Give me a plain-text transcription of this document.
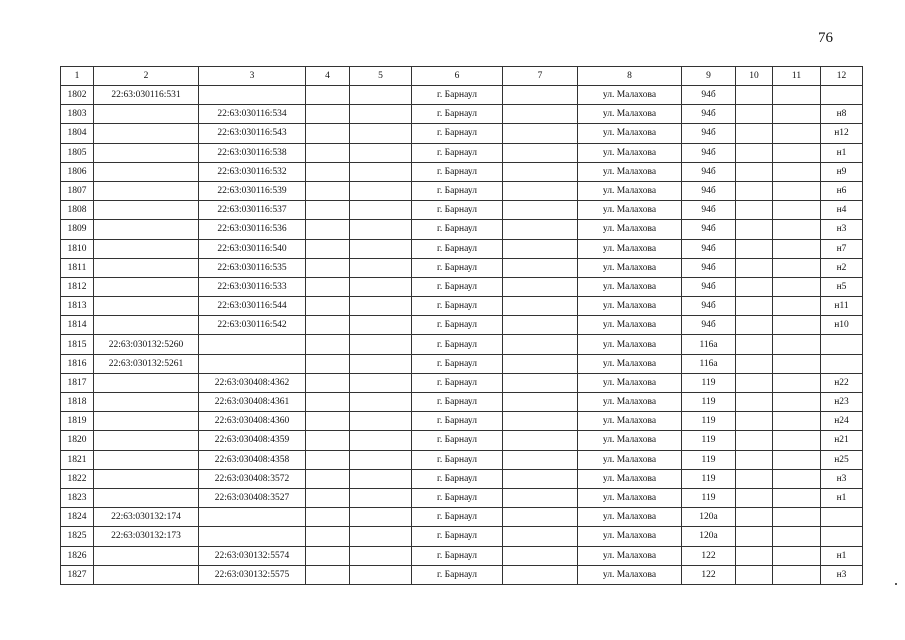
76
1	2	3	4	5	6	7	8	9	10	11	12
1802	22:63:030116:531				г. Барнаул		ул. Малахова	94б			
1803		22:63:030116:534			г. Барнаул		ул. Малахова	94б			н8
1804		22:63:030116:543			г. Барнаул		ул. Малахова	94б			н12
1805		22:63:030116:538			г. Барнаул		ул. Малахова	94б			н1
1806		22:63:030116:532			г. Барнаул		ул. Малахова	94б			н9
1807		22:63:030116:539			г. Барнаул		ул. Малахова	94б			н6
1808		22:63:030116:537			г. Барнаул		ул. Малахова	94б			н4
1809		22:63:030116:536			г. Барнаул		ул. Малахова	94б			н3
1810		22:63:030116:540			г. Барнаул		ул. Малахова	94б			н7
1811		22:63:030116:535			г. Барнаул		ул. Малахова	94б			н2
1812		22:63:030116:533			г. Барнаул		ул. Малахова	94б			н5
1813		22:63:030116:544			г. Барнаул		ул. Малахова	94б			н11
1814		22:63:030116:542			г. Барнаул		ул. Малахова	94б			н10
1815	22:63:030132:5260				г. Барнаул		ул. Малахова	116а			
1816	22:63:030132:5261				г. Барнаул		ул. Малахова	116а			
1817		22:63:030408:4362			г. Барнаул		ул. Малахова	119			н22
1818		22:63:030408:4361			г. Барнаул		ул. Малахова	119			н23
1819		22:63:030408:4360			г. Барнаул		ул. Малахова	119			н24
1820		22:63:030408:4359			г. Барнаул		ул. Малахова	119			н21
1821		22:63:030408:4358			г. Барнаул		ул. Малахова	119			н25
1822		22:63:030408:3572			г. Барнаул		ул. Малахова	119			н3
1823		22:63:030408:3527			г. Барнаул		ул. Малахова	119			н1
1824	22:63:030132:174				г. Барнаул		ул. Малахова	120а			
1825	22:63:030132:173				г. Барнаул		ул. Малахова	120а			
1826		22:63:030132:5574			г. Барнаул		ул. Малахова	122			н1
1827		22:63:030132:5575			г. Барнаул		ул. Малахова	122			н3
